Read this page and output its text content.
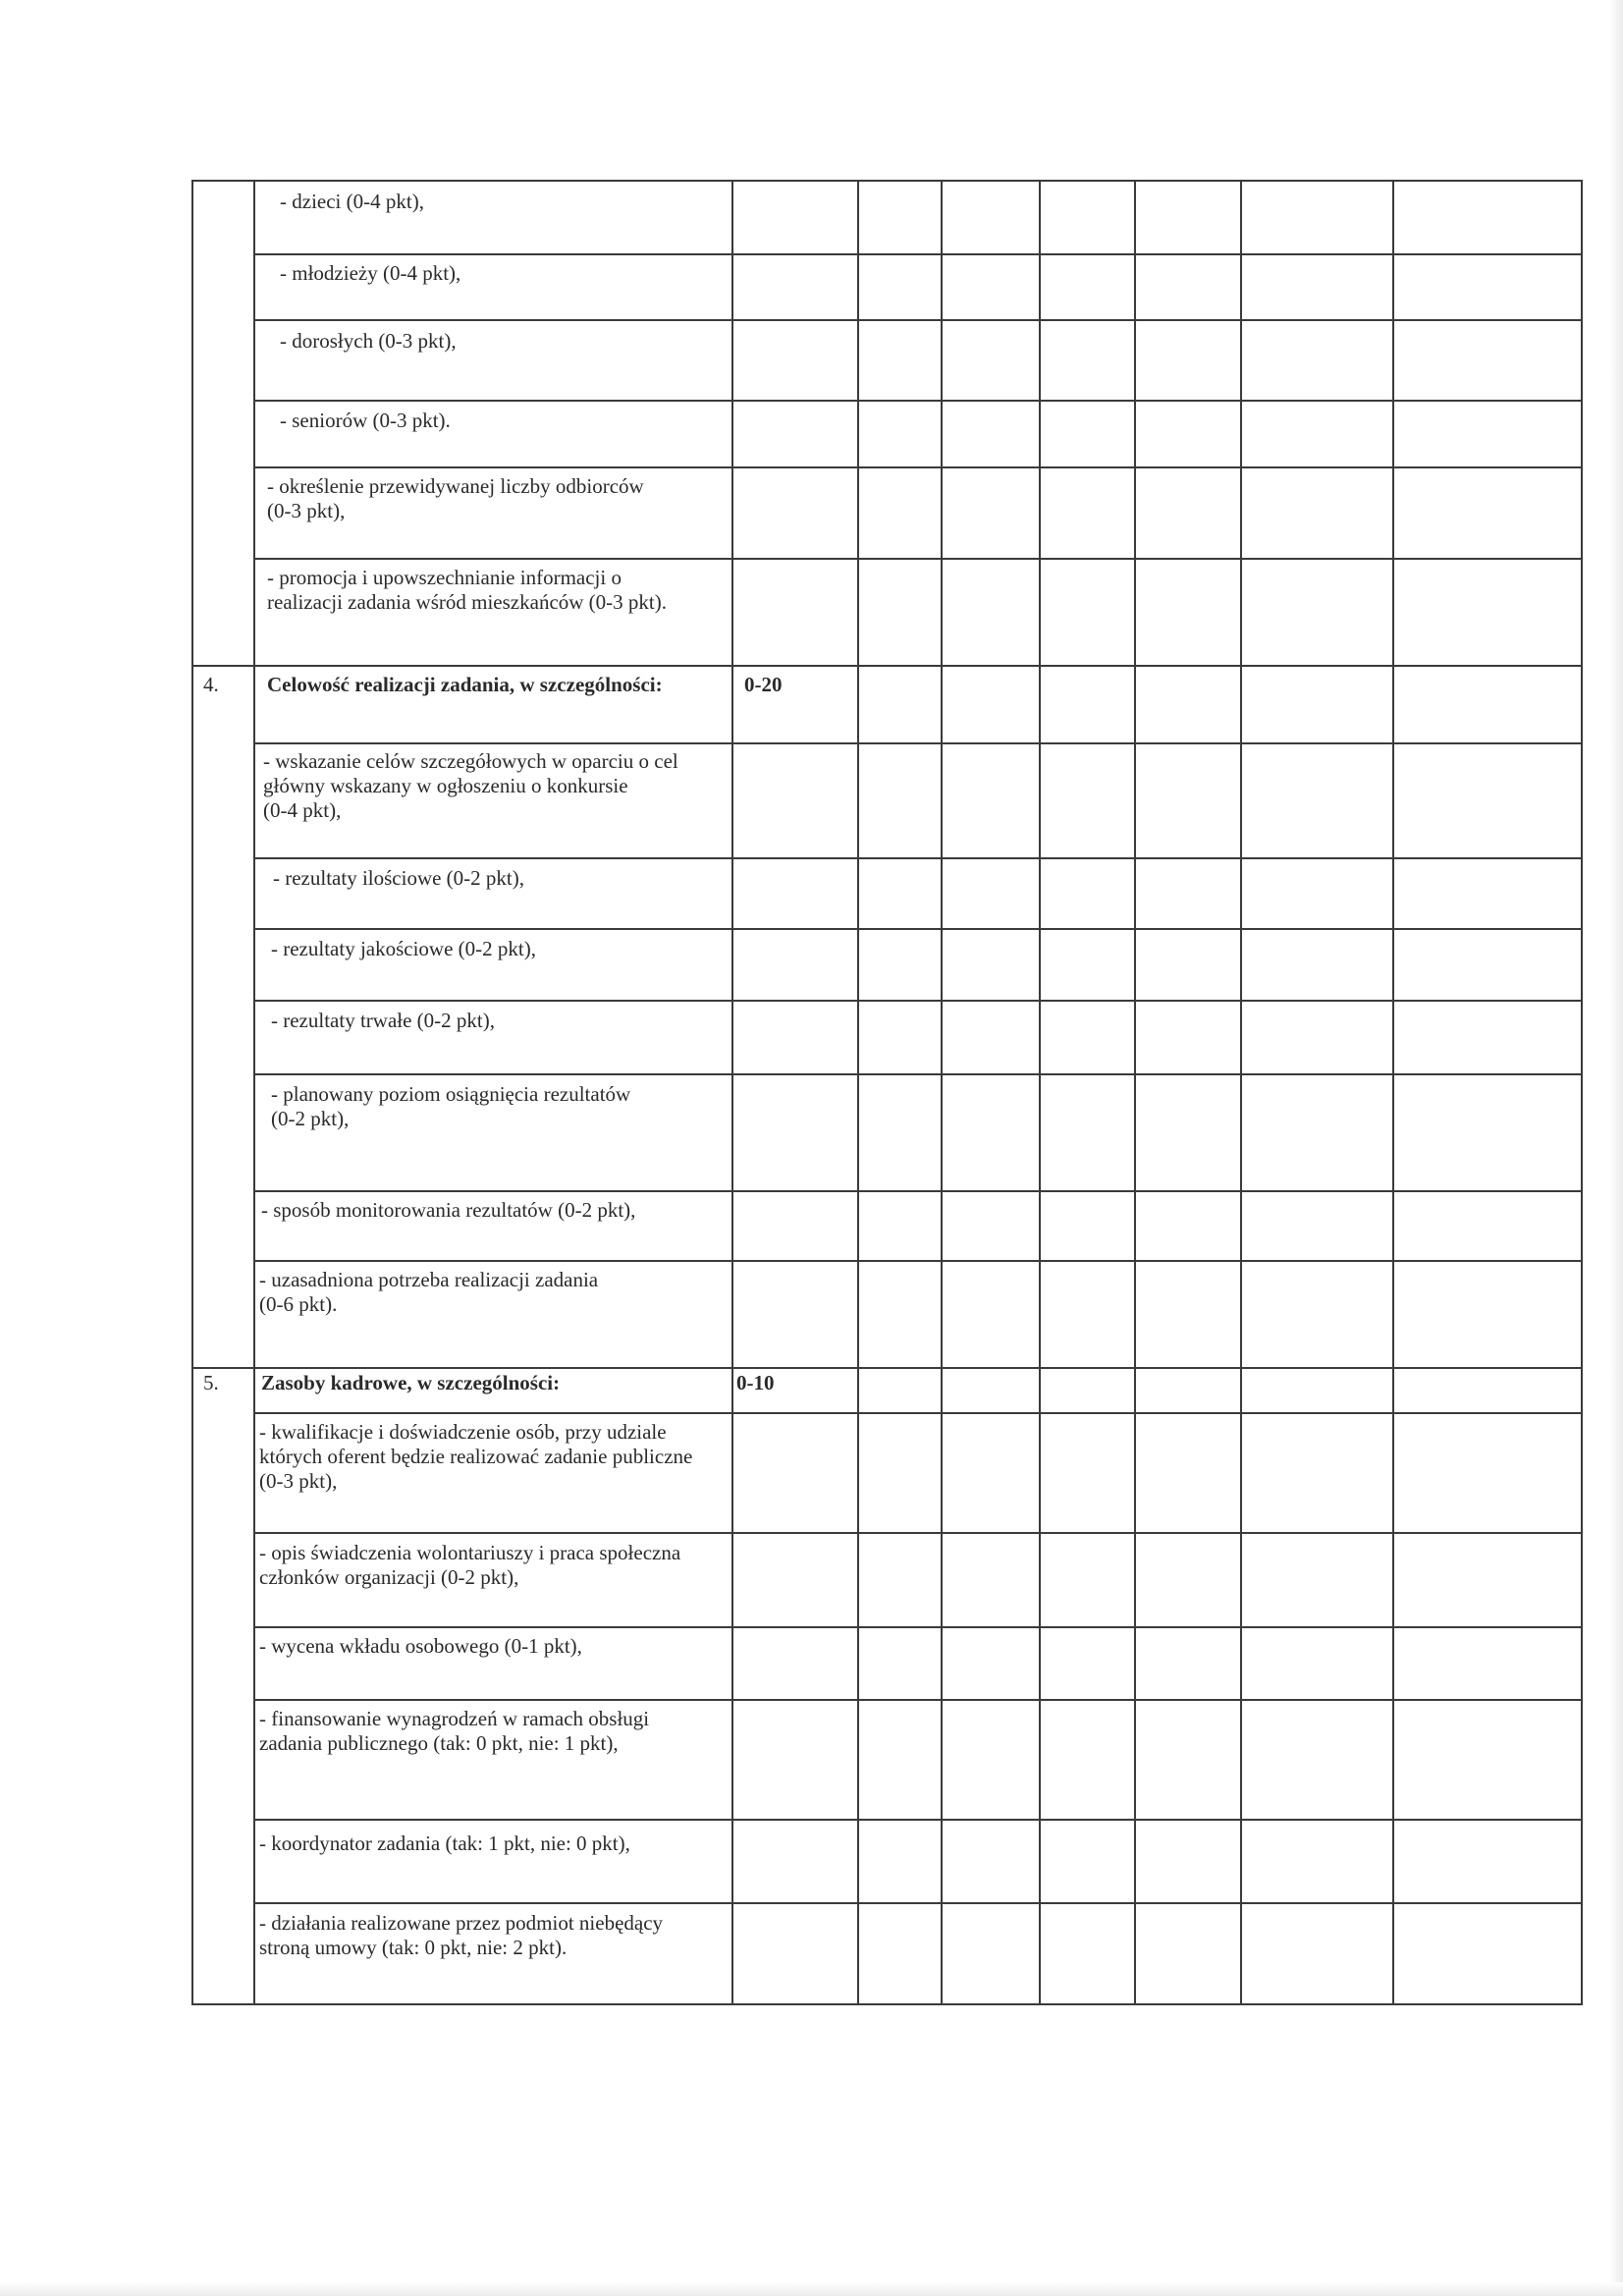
- dzieci (0-4 pkt),
- młodzieży (0-4 pkt),
- dorosłych (0-3 pkt),
- seniorów (0-3 pkt).
- określenie przewidywanej liczby odbiorców
(0-3 pkt),
- promocja i upowszechnianie informacji o
realizacji zadania wśród mieszkańców (0-3 pkt).
4. Celowość realizacji zadania, w szczególności:	0-20
- wskazanie celów szczegółowych w oparciu o cel
główny wskazany w ogłoszeniu o konkursie
(0-4 pkt),
- rezultaty ilościowe (0-2 pkt),
- rezultaty jakościowe (0-2 pkt),
- rezultaty trwałe (0-2 pkt),
- planowany poziom osiągnięcia rezultatów
(0-2 pkt),
- sposób monitorowania rezultatów (0-2 pkt),
- uzasadniona potrzeba realizacji zadania
(0-6 pkt).
5. Zasoby kadrowe, w szczególności:	0-10
- kwalifikacje i doświadczenie osób, przy udziale
których oferent będzie realizować zadanie publiczne
(0-3 pkt),
- opis świadczenia wolontariuszy i praca społeczna
członków organizacji (0-2 pkt),
- wycena wkładu osobowego (0-1 pkt),
- finansowanie wynagrodzeń w ramach obsługi
zadania publicznego (tak: 0 pkt, nie: 1 pkt),
- koordynator zadania (tak: 1 pkt, nie: 0 pkt),
- działania realizowane przez podmiot niebędący
stroną umowy (tak: 0 pkt, nie: 2 pkt).
